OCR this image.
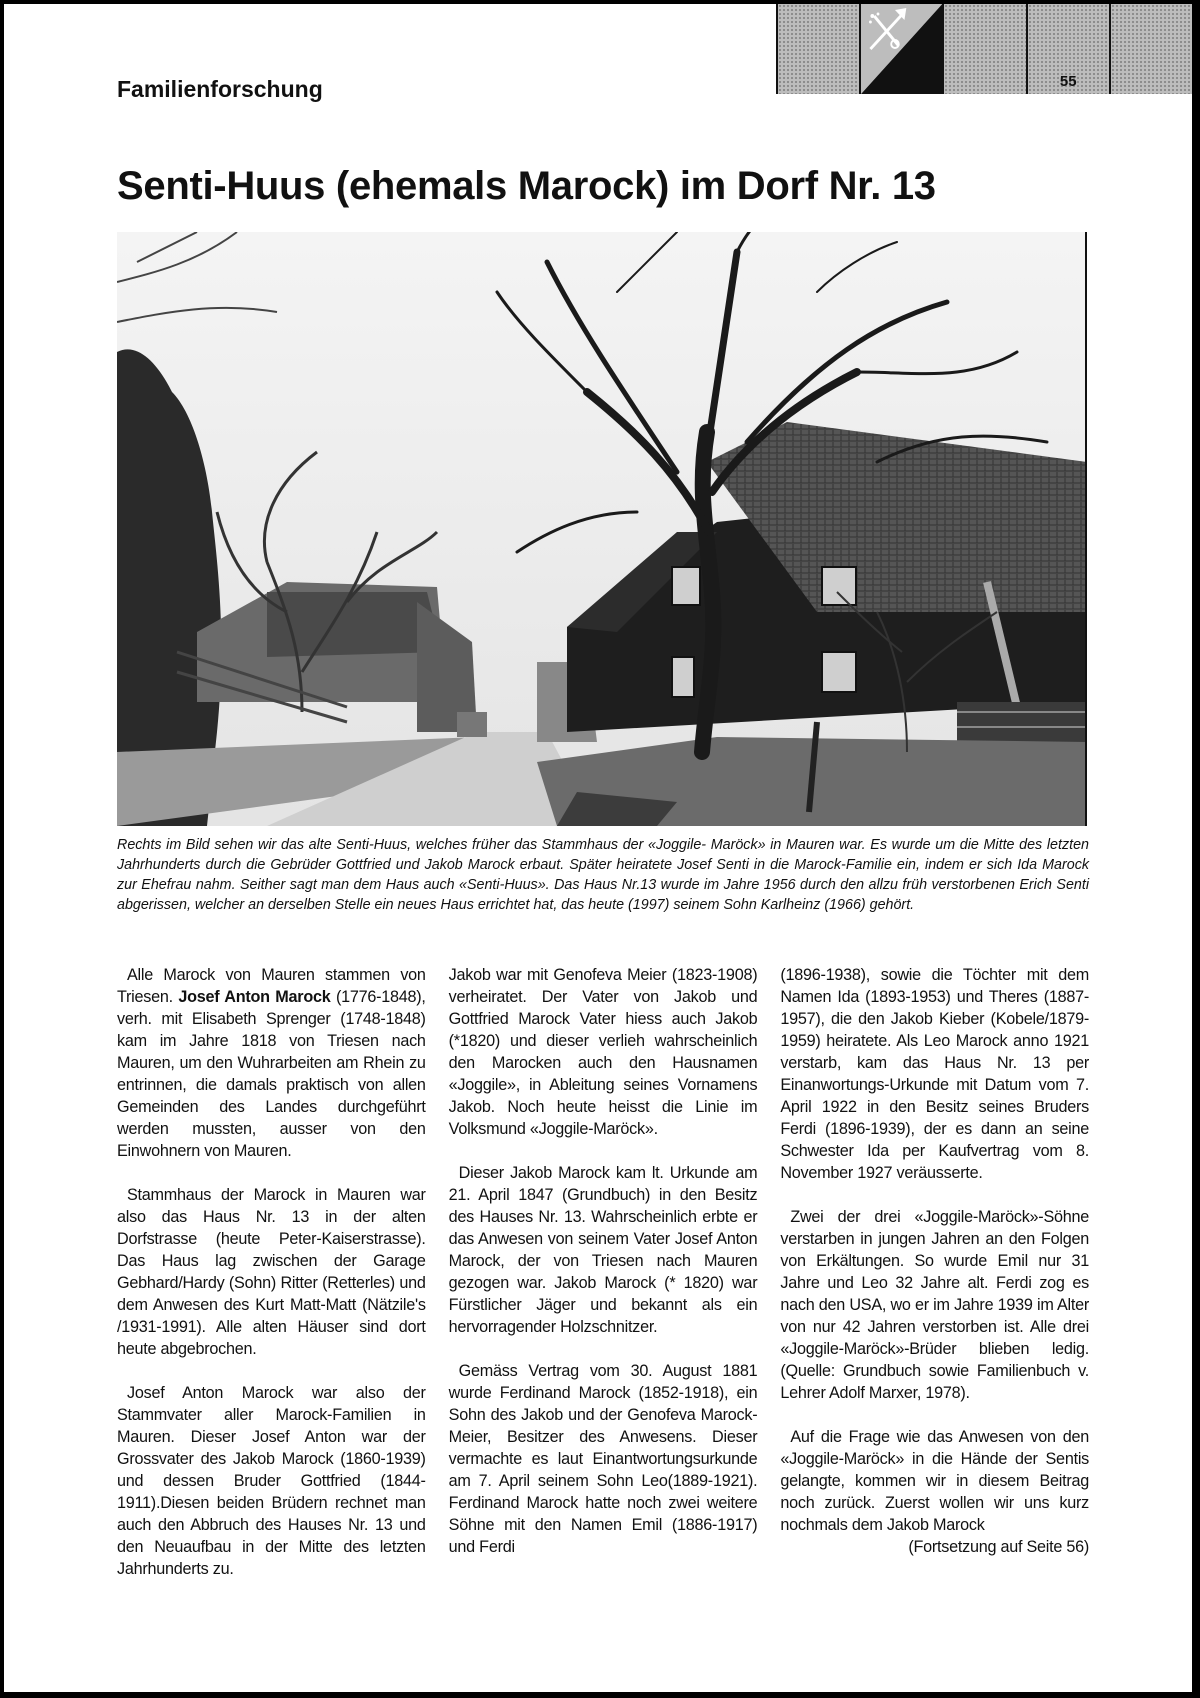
Familienforschung	55
Senti-Huus (ehemals Marock) im Dorf Nr. 13

Rechts im Bild sehen wir das alte Senti-Huus, welches früher das Stammhaus der «Joggile- Maröck» in Mauren war. Es wurde um die Mitte des letzten Jahrhunderts durch die Gebrüder Gottfried und Jakob Marock erbaut. Später heiratete Josef Senti in die Marock-Familie ein, indem er sich Ida Marock zur Ehefrau nahm. Seither sagt man dem Haus auch «Senti-Huus». Das Haus Nr.13 wurde im Jahre 1956 durch den allzu früh verstorbenen Erich Senti abgerissen, welcher an derselben Stelle ein neues Haus errichtet hat, das heute (1997) seinem Sohn Karlheinz (1966) gehört.

Alle Marock von Mauren stammen von Triesen. Josef Anton Marock (1776-1848), verh. mit Elisabeth Sprenger (1748-1848) kam im Jahre 1818 von Triesen nach Mauren, um den Wuhrarbeiten am Rhein zu entrinnen, die damals praktisch von allen Gemeinden des Landes durchgeführt werden mussten, ausser von den Einwohnern von Mauren.

Stammhaus der Marock in Mauren war also das Haus Nr. 13 in der alten Dorfstrasse (heute Peter-Kaiserstrasse). Das Haus lag zwischen der Garage Gebhard/Hardy (Sohn) Ritter (Retterles) und dem Anwesen des Kurt Matt-Matt (Nätzile's /1931-1991). Alle alten Häuser sind dort heute abgebrochen.

Josef Anton Marock war also der Stammvater aller Marock-Familien in Mauren. Dieser Josef Anton war der Grossvater des Jakob Marock (1860-1939) und dessen Bruder Gottfried (1844-1911).Diesen beiden Brüdern rechnet man auch den Abbruch des Hauses Nr. 13 und den Neuaufbau in der Mitte des letzten Jahrhunderts zu.

Jakob war mit Genofeva Meier (1823-1908) verheiratet. Der Vater von Jakob und Gottfried Marock Vater hiess auch Jakob (*1820) und dieser verlieh wahrscheinlich den Marocken auch den Hausnamen «Joggile», in Ableitung seines Vornamens Jakob. Noch heute heisst die Linie im Volksmund «Joggile-Maröck».

Dieser Jakob Marock kam lt. Urkunde am 21. April 1847 (Grundbuch) in den Besitz des Hauses Nr. 13. Wahrscheinlich erbte er das Anwesen von seinem Vater Josef Anton Marock, der von Triesen nach Mauren gezogen war. Jakob Marock (* 1820) war Fürstlicher Jäger und bekannt als ein hervorragender Holzschnitzer.

Gemäss Vertrag vom 30. August 1881 wurde Ferdinand Marock (1852-1918), ein Sohn des Jakob und der Genofeva Marock-Meier, Besitzer des Anwesens. Dieser vermachte es laut Einantwortungsurkunde am 7. April seinem Sohn Leo(1889-1921). Ferdinand Marock hatte noch zwei weitere Söhne mit den Namen Emil (1886-1917) und Ferdi

(1896-1938), sowie die Töchter mit dem Namen Ida (1893-1953) und Theres (1887-1957), die den Jakob Kieber (Kobele/1879-1959) heiratete. Als Leo Marock anno 1921 verstarb, kam das Haus Nr. 13 per Einanwortungs-Urkunde mit Datum vom 7. April 1922 in den Besitz seines Bruders Ferdi (1896-1939), der es dann an seine Schwester Ida per Kaufvertrag vom 8. November 1927 veräusserte.

Zwei der drei «Joggile-Maröck»-Söhne verstarben in jungen Jahren an den Folgen von Erkältungen. So wurde Emil nur 31 Jahre und Leo 32 Jahre alt. Ferdi zog es nach den USA, wo er im Jahre 1939 im Alter von nur 42 Jahren verstorben ist. Alle drei «Joggile-Maröck»-Brüder blieben ledig. (Quelle: Grundbuch sowie Familienbuch v. Lehrer Adolf Marxer, 1978).

Auf die Frage wie das Anwesen von den «Joggile-Maröck» in die Hände der Sentis gelangte, kommen wir in diesem Beitrag noch zurück. Zuerst wollen wir uns kurz nochmals dem Jakob Marock
(Fortsetzung auf Seite 56)
